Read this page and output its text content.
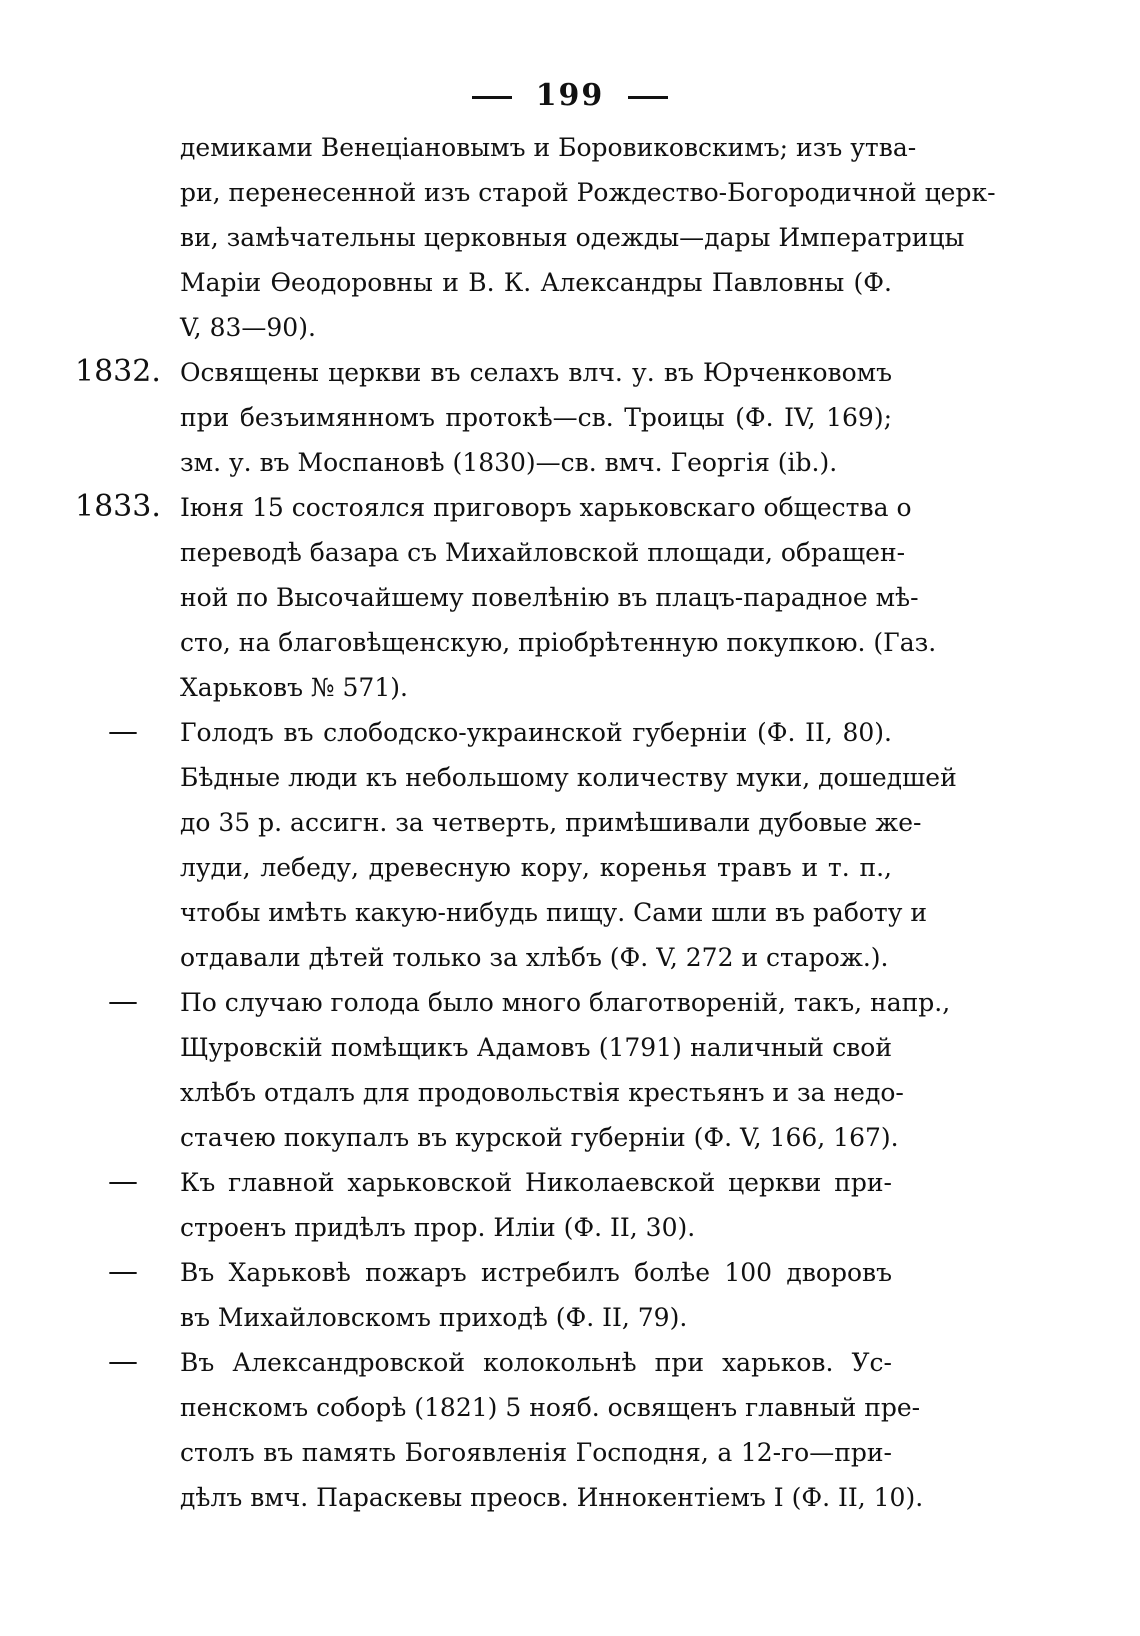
199
демиками Венеціановымъ и Боровиковскимъ; изъ утва-
ри, перенесенной изъ старой Рождество-Богородичной церк-
ви, замѣчательны церковныя одежды—дары Императрицы
Маріи Өеодоровны и В. К. Александры Павловны (Ф.
V, 83—90).
1832. Освящены церкви въ селахъ влч. у. въ Юрченковомъ
при безъимянномъ протокѣ—св. Троицы (Ф. IV, 169);
зм. у. въ Моспановѣ (1830)—св. вмч. Георгія (ib.).
1833. Іюня 15 состоялся приговоръ харьковскаго общества о
переводѣ базара съ Михайловской площади, обращен-
ной по Высочайшему повелѣнію въ плацъ-парадное мѣ-
сто, на благовѣщенскую, пріобрѣтенную покупкою. (Газ.
Харьковъ № 571).
—	Голодъ въ слободско-украинской губерніи (Ф. II, 80).
Бѣдные люди къ небольшому количеству муки, дошедшей
до 35 р. ассигн. за четверть, примѣшивали дубовые же-
луди, лебеду, древесную кору, коренья травъ и т. п.,
чтобы имѣть какую-нибудь пищу. Сами шли въ работу и
отдавали дѣтей только за хлѣбъ (Ф. V, 272 и старож.).
—	По случаю голода было много благотвореній, такъ, напр.,
Щуровскій помѣщикъ Адамовъ (1791) наличный свой
хлѣбъ отдалъ для продовольствія крестьянъ и за недо-
стачею покупалъ въ курской губерніи (Ф. V, 166, 167).
—	Къ главной харьковской Николаевской церкви при-
строенъ придѣлъ прор. Иліи (Ф. II, 30).
—	Въ Харьковѣ пожаръ истребилъ болѣе 100 дворовъ
въ Михайловскомъ приходѣ (Ф. II, 79).
—	Въ Александровской колокольнѣ при харьков. Ус-
пенскомъ соборѣ (1821) 5 нояб. освященъ главный пре-
столъ въ память Богоявленія Господня, а 12-го—при-
дѣлъ вмч. Параскевы преосв. Иннокентіемъ I (Ф. II, 10).
